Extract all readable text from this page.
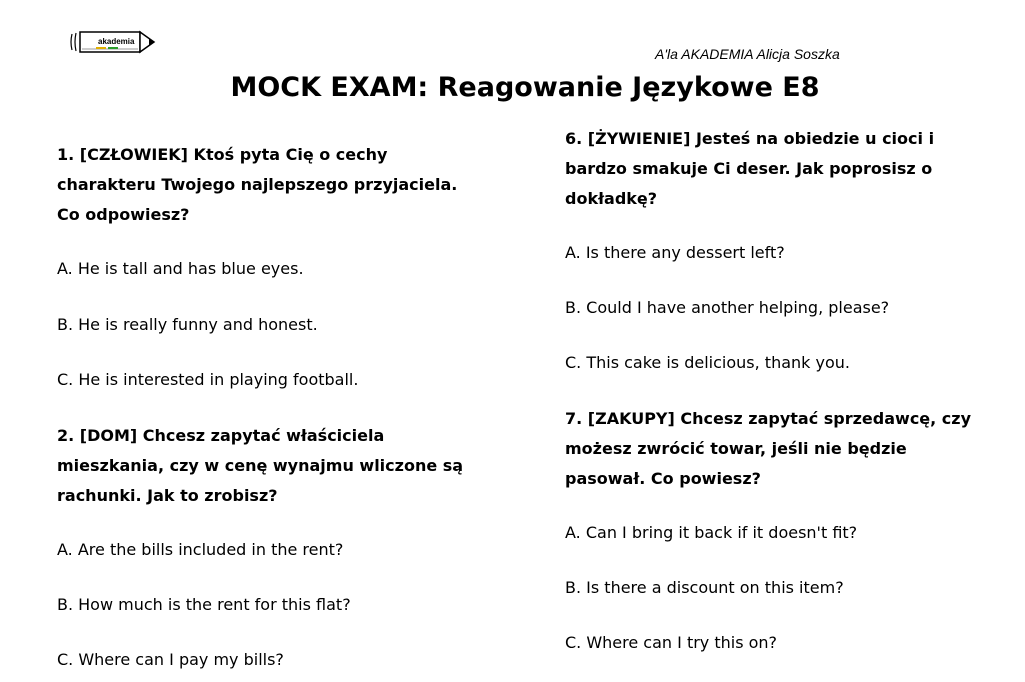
akademia
A'la AKADEMIA Alicja Soszka
MOCK EXAM: Reagowanie Językowe E8
1. [CZŁOWIEK] Ktoś pyta Cię o cechy
charakteru Twojego najlepszego przyjaciela.
Co odpowiesz?
A. He is tall and has blue eyes.
B. He is really funny and honest.
C. He is interested in playing football.
2. [DOM] Chcesz zapytać właściciela
mieszkania, czy w cenę wynajmu wliczone są
rachunki. Jak to zrobisz?
A. Are the bills included in the rent?
B. How much is the rent for this flat?
C. Where can I pay my bills?
6. [ŻYWIENIE] Jesteś na obiedzie u cioci i
bardzo smakuje Ci deser. Jak poprosisz o
dokładkę?
A. Is there any dessert left?
B. Could I have another helping, please?
C. This cake is delicious, thank you.
7. [ZAKUPY] Chcesz zapytać sprzedawcę, czy
możesz zwrócić towar, jeśli nie będzie
pasował. Co powiesz?
A. Can I bring it back if it doesn't fit?
B. Is there a discount on this item?
C. Where can I try this on?
